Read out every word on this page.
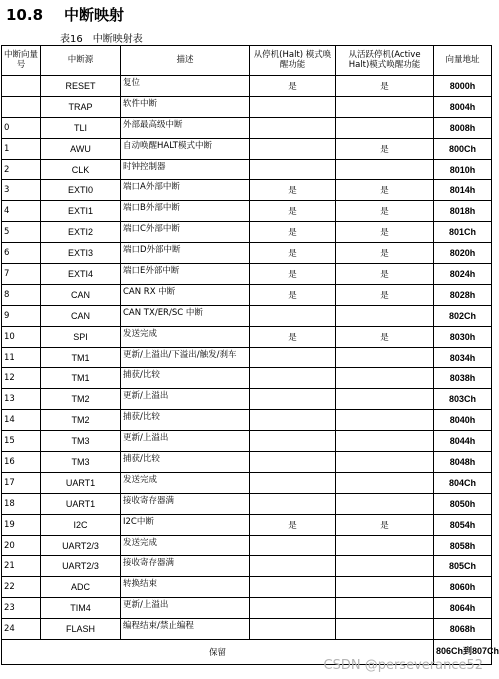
10.8 中断映射
表16 中断映射表
中断向量号	中断源	描述	从停机(Halt) 模式唤醒功能	从活跃停机(Active Halt)模式唤醒功能	向量地址
	RESET	复位	是	是	8000h
	TRAP	软件中断			8004h
0	TLI	外部最高级中断			8008h
1	AWU	自动唤醒HALT模式中断		是	800Ch
2	CLK	时钟控制器			8010h
3	EXTI0	端口A外部中断	是	是	8014h
4	EXTI1	端口B外部中断	是	是	8018h
5	EXTI2	端口C外部中断	是	是	801Ch
6	EXTI3	端口D外部中断	是	是	8020h
7	EXTI4	端口E外部中断	是	是	8024h
8	CAN	CAN RX 中断	是	是	8028h
9	CAN	CAN TX/ER/SC 中断			802Ch
10	SPI	发送完成	是	是	8030h
11	TM1	更新/上溢出/下溢出/触发/刹车			8034h
12	TM1	捕获/比较			8038h
13	TM2	更新/上溢出			803Ch
14	TM2	捕获/比较			8040h
15	TM3	更新/上溢出			8044h
16	TM3	捕获/比较			8048h
17	UART1	发送完成			804Ch
18	UART1	接收寄存器满			8050h
19	I2C	I2C中断	是	是	8054h
20	UART2/3	发送完成			8058h
21	UART2/3	接收寄存器满			805Ch
22	ADC	转换结束			8060h
23	TIM4	更新/上溢出			8064h
24	FLASH	编程结束/禁止编程			8068h
保留					806Ch到807Ch
CSDN @perseverance52
